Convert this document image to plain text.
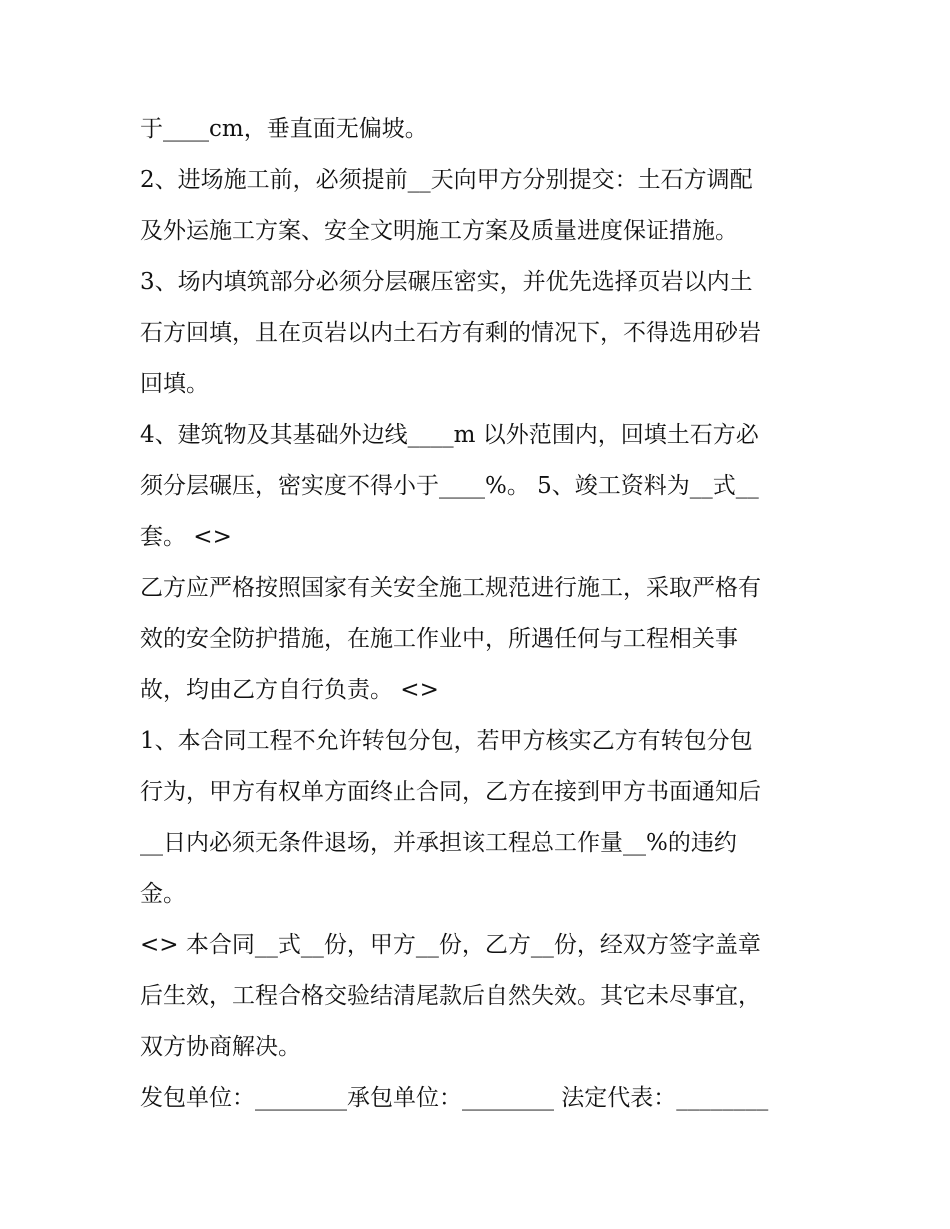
于____cm，垂直面无偏坡。
2、进场施工前，必须提前__天向甲方分别提交：土石方调配
及外运施工方案、安全文明施工方案及质量进度保证措施。
3、场内填筑部分必须分层碾压密实，并优先选择页岩以内土
石方回填，且在页岩以内土石方有剩的情况下，不得选用砂岩
回填。
4、建筑物及其基础外边线____m 以外范围内，回填土石方必
须分层碾压，密实度不得小于____%。 5、竣工资料为__式__
套。 <>
乙方应严格按照国家有关安全施工规范进行施工，采取严格有
效的安全防护措施，在施工作业中，所遇任何与工程相关事
故，均由乙方自行负责。 <>
1、本合同工程不允许转包分包，若甲方核实乙方有转包分包
行为，甲方有权单方面终止合同，乙方在接到甲方书面通知后
__日内必须无条件退场，并承担该工程总工作量__%的违约
金。
<> 本合同__式__份，甲方__份，乙方__份，经双方签字盖章
后生效，工程合格交验结清尾款后自然失效。其它未尽事宜，
双方协商解决。
发包单位：________承包单位：________ 法定代表：________
